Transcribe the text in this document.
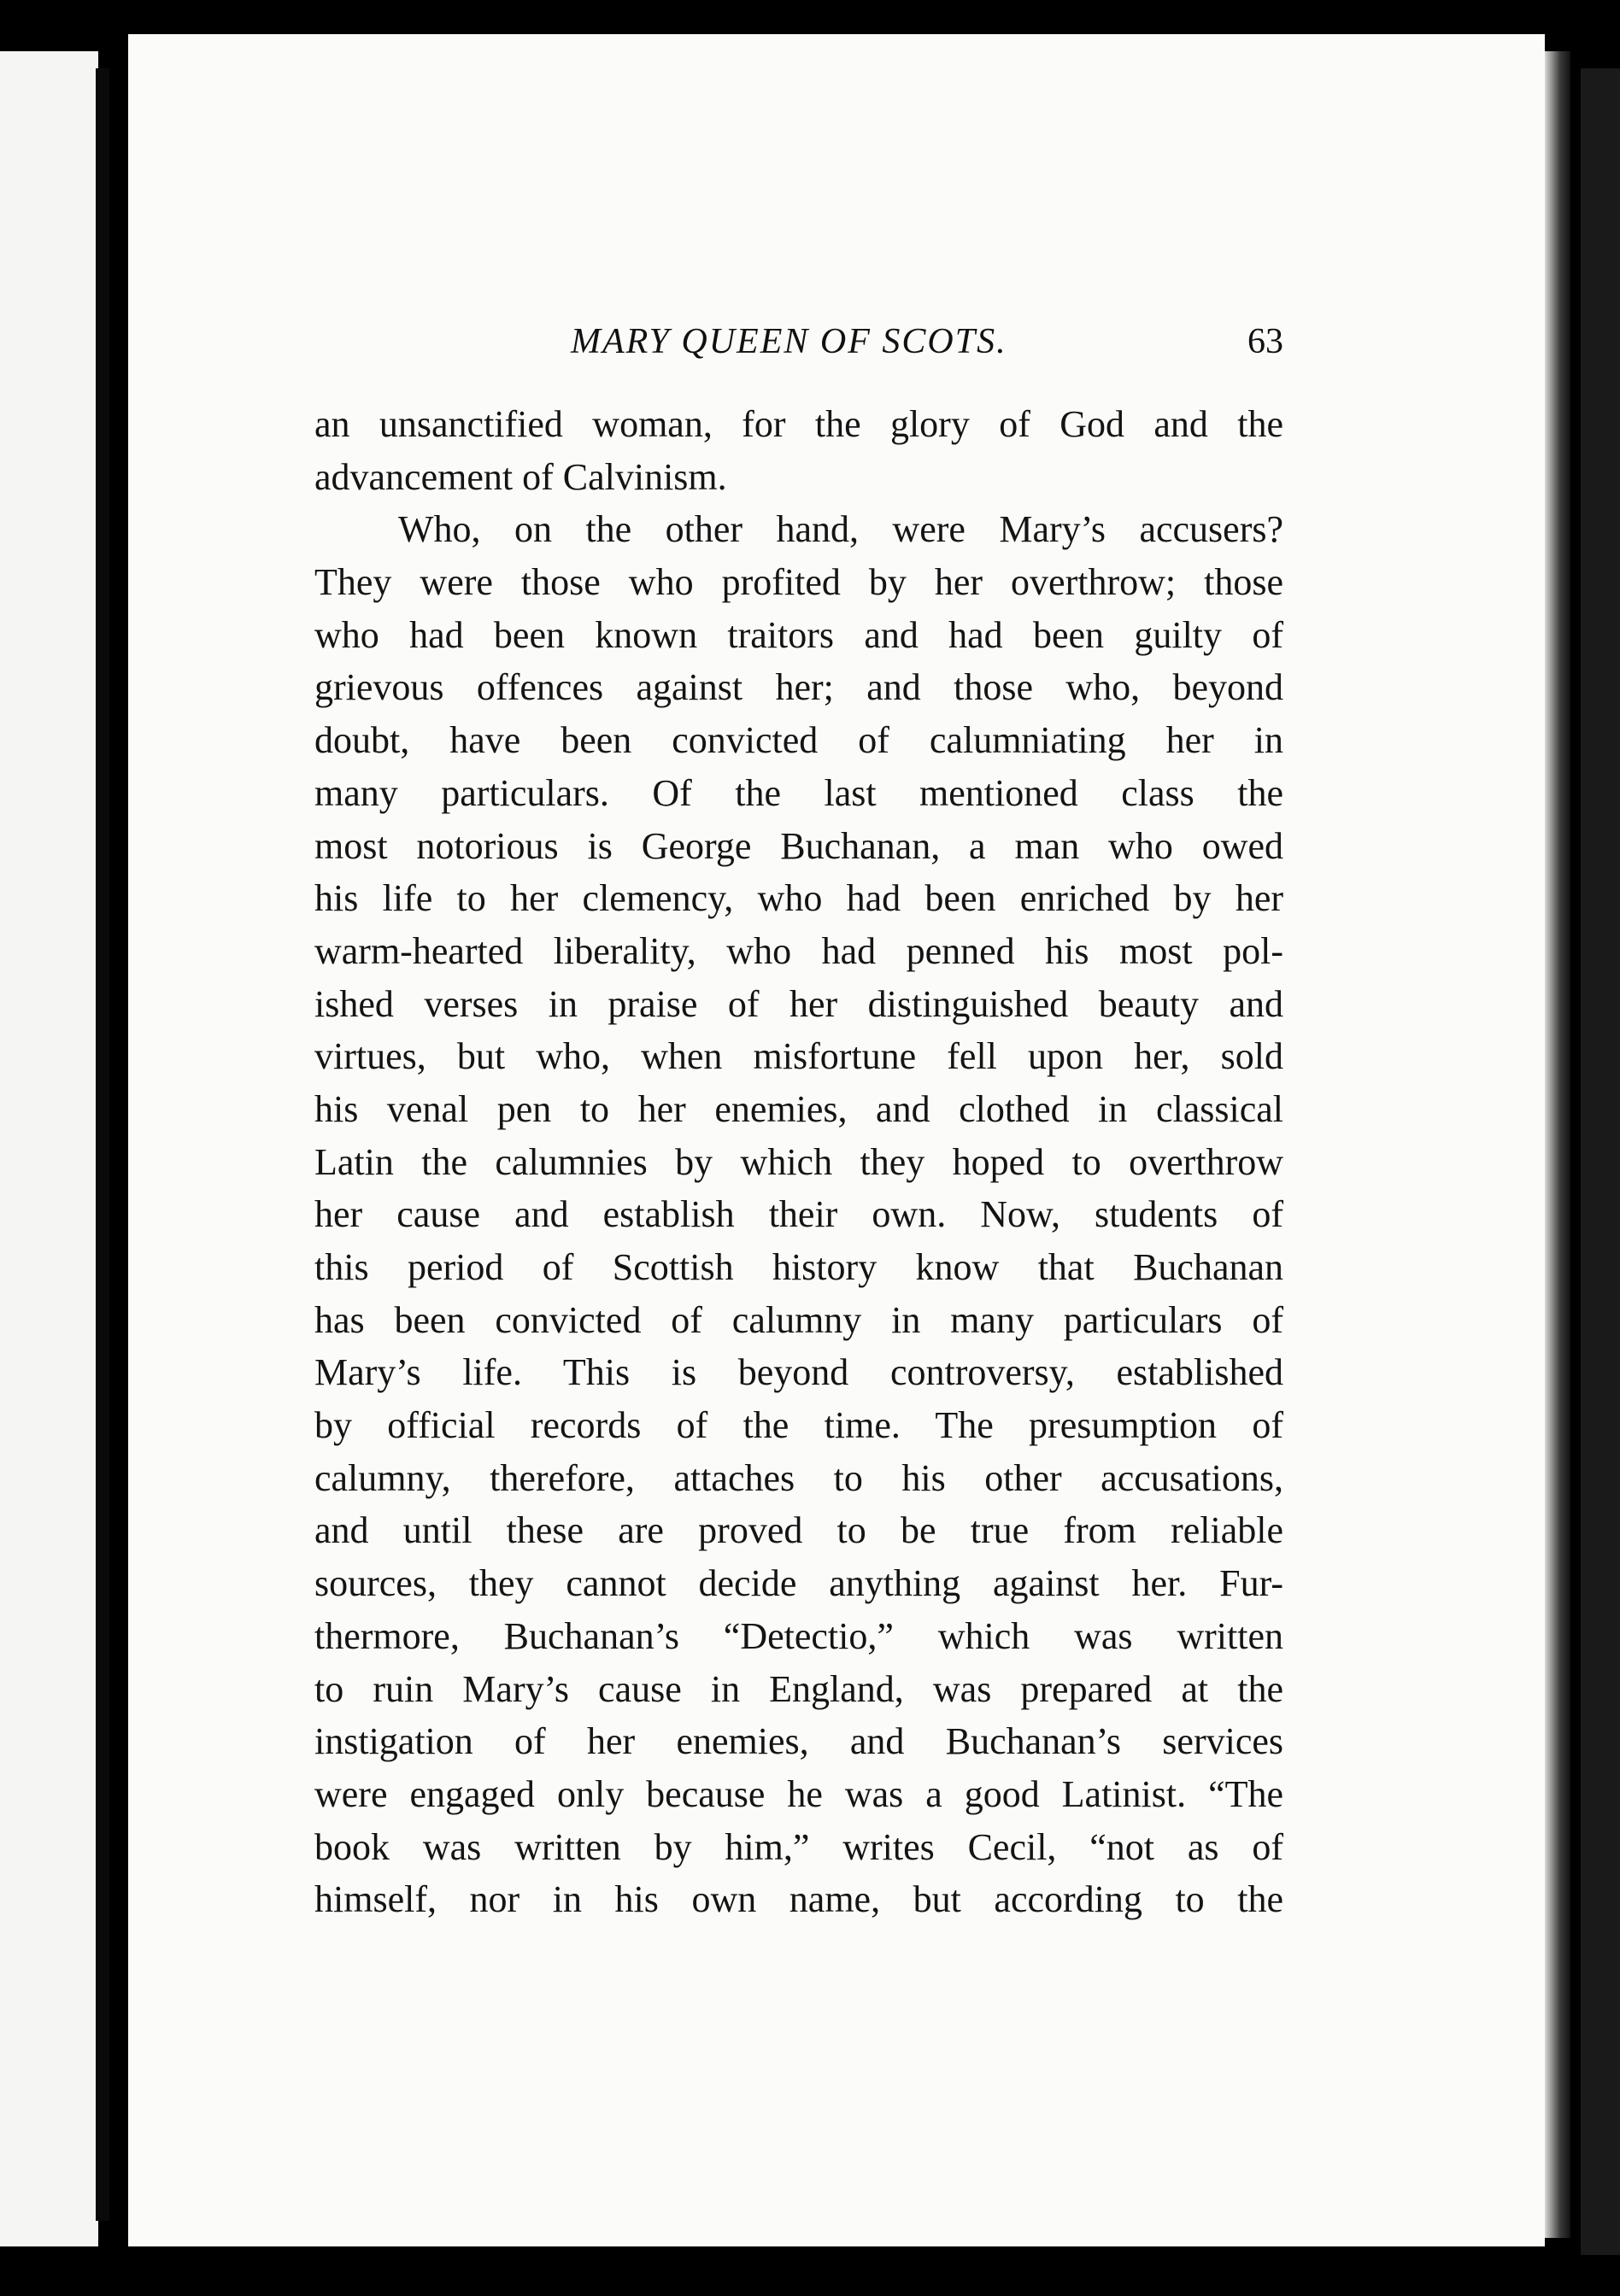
MARY QUEEN OF SCOTS.	63
an unsanctified woman, for the glory of God and the
advancement of Calvinism.
Who, on the other hand, were Mary’s accusers?
They were those who profited by her overthrow; those
who had been known traitors and had been guilty of
grievous offences against her; and those who, beyond
doubt, have been convicted of calumniating her in
many particulars. Of the last mentioned class the
most notorious is George Buchanan, a man who owed
his life to her clemency, who had been enriched by her
warm-hearted liberality, who had penned his most pol-
ished verses in praise of her distinguished beauty and
virtues, but who, when misfortune fell upon her, sold
his venal pen to her enemies, and clothed in classical
Latin the calumnies by which they hoped to overthrow
her cause and establish their own. Now, students of
this period of Scottish history know that Buchanan
has been convicted of calumny in many particulars of
Mary’s life. This is beyond controversy, established
by official records of the time. The presumption of
calumny, therefore, attaches to his other accusations,
and until these are proved to be true from reliable
sources, they cannot decide anything against her. Fur-
thermore, Buchanan’s “Detectio,” which was written
to ruin Mary’s cause in England, was prepared at the
instigation of her enemies, and Buchanan’s services
were engaged only because he was a good Latinist. “The
book was written by him,” writes Cecil, “not as of
himself, nor in his own name, but according to the
